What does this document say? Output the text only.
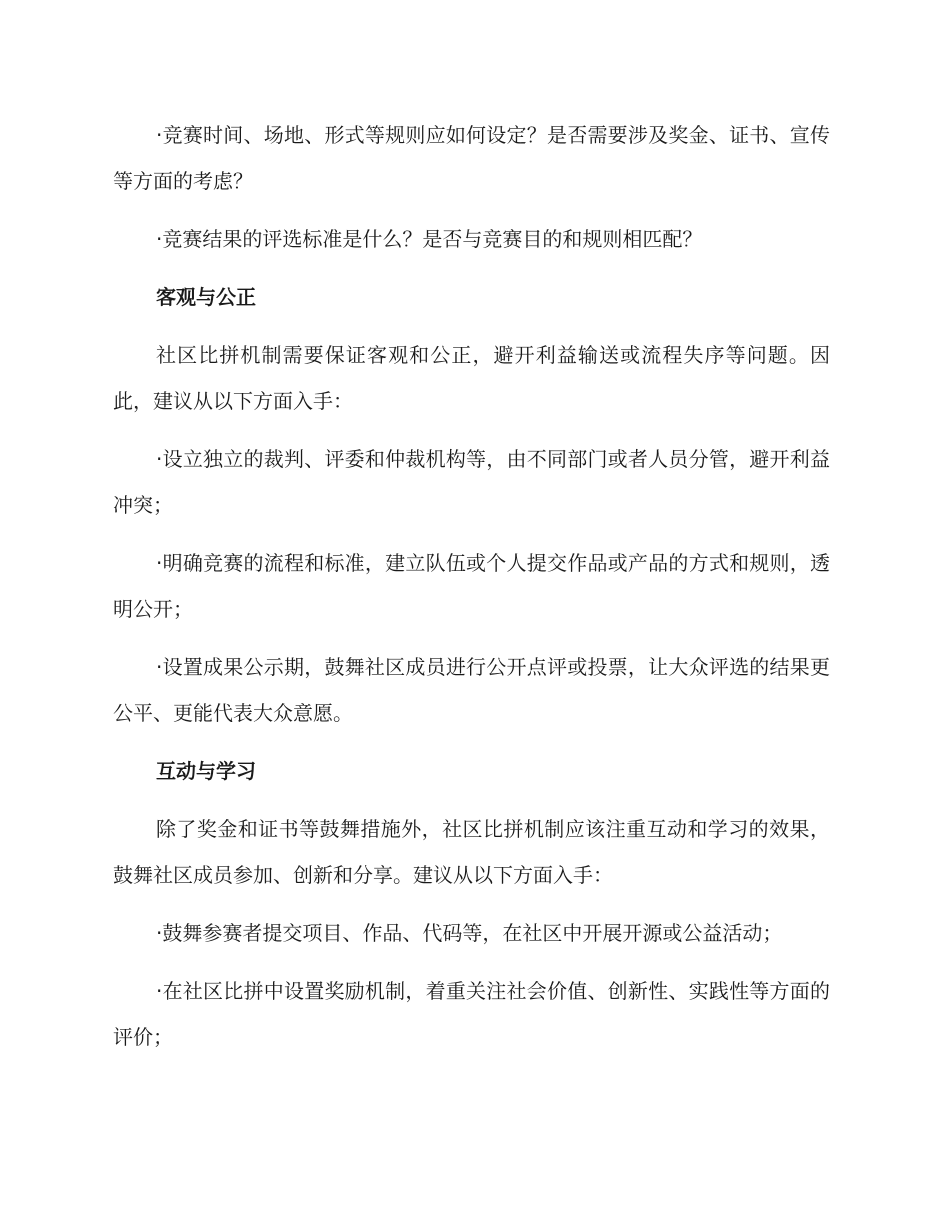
·竞赛时间、场地、形式等规则应如何设定？是否需要涉及奖金、证书、宣传等方面的考虑？

·竞赛结果的评选标准是什么？是否与竞赛目的和规则相匹配？

客观与公正

社区比拼机制需要保证客观和公正，避开利益输送或流程失序等问题。因此，建议从以下方面入手：

·设立独立的裁判、评委和仲裁机构等，由不同部门或者人员分管，避开利益冲突；

·明确竞赛的流程和标准，建立队伍或个人提交作品或产品的方式和规则，透明公开；

·设置成果公示期，鼓舞社区成员进行公开点评或投票，让大众评选的结果更公平、更能代表大众意愿。

互动与学习

除了奖金和证书等鼓舞措施外，社区比拼机制应该注重互动和学习的效果，鼓舞社区成员参加、创新和分享。建议从以下方面入手：

·鼓舞参赛者提交项目、作品、代码等，在社区中开展开源或公益活动；

·在社区比拼中设置奖励机制，着重关注社会价值、创新性、实践性等方面的评价；
